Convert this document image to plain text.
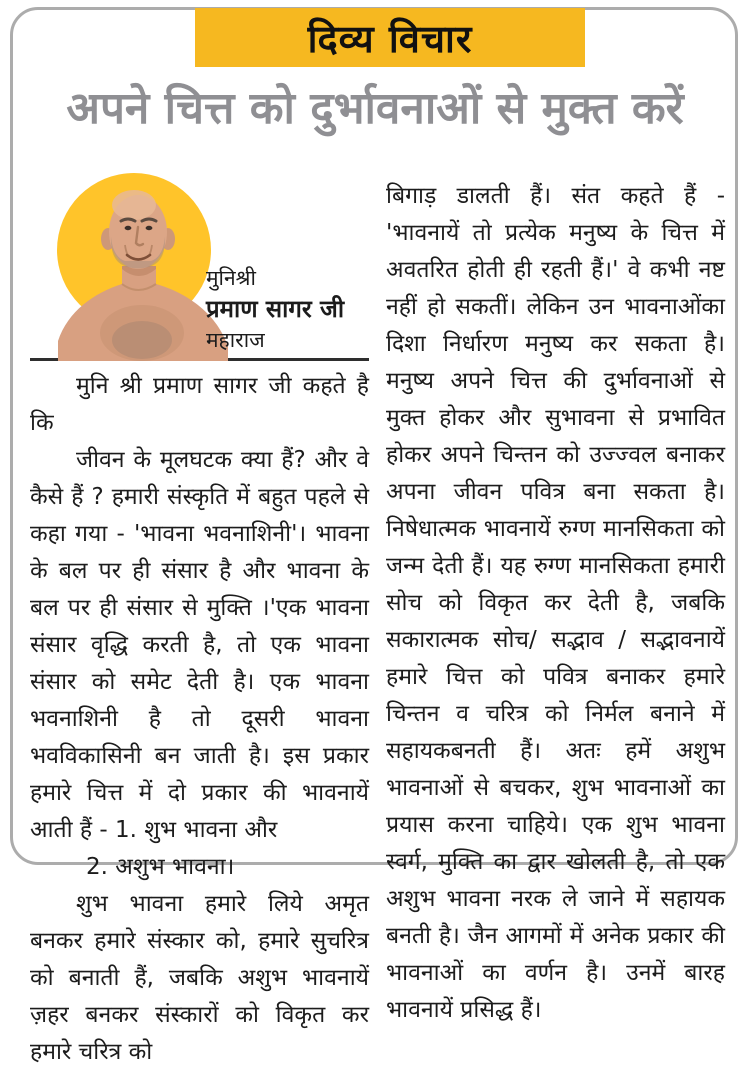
दिव्य विचार
अपने चित्त को दुर्भावनाओं से मुक्त करें
मुनिश्री
प्रमाण सागर जी
महाराज

मुनि श्री प्रमाण सागर जी कहते है कि

जीवन के मूलघटक क्या हैं? और वे कैसे हैं ? हमारी संस्कृति में बहुत पहले से कहा गया - 'भावना भवनाशिनी'। भावना के बल पर ही संसार है और भावना के बल पर ही संसार से मुक्ति ।'एक भावना संसार वृद्धि करती है, तो एक भावना संसार को समेट देती है। एक भावना भवनाशिनी है तो दूसरी भावना भवविकासिनी बन जाती है। इस प्रकार हमारे चित्त में दो प्रकार की भावनायें आती हैं - 1. शुभ भावना और

2. अशुभ भावना।

शुभ भावना हमारे लिये अमृत बनकर हमारे संस्कार को, हमारे सुचरित्र को बनाती हैं, जबकि अशुभ भावनायें ज़हर बनकर संस्कारों को विकृत कर हमारे चरित्र को

बिगाड़ डालती हैं। संत कहते हैं - 'भावनायें तो प्रत्येक मनुष्य के चित्त में अवतरित होती ही रहती हैं।' वे कभी नष्ट नहीं हो सकतीं। लेकिन उन भावनाओंका दिशा निर्धारण मनुष्य कर सकता है। मनुष्य अपने चित्त की दुर्भावनाओं से मुक्त होकर और सुभावना से प्रभावित होकर अपने चिन्तन को उज्ज्वल बनाकर अपना जीवन पवित्र बना सकता है। निषेधात्मक भावनायें रुग्ण मानसिकता को जन्म देती हैं। यह रुग्ण मानसिकता हमारी सोच को विकृत कर देती है, जबकि सकारात्मक सोच/ सद्भाव / सद्भावनायें हमारे चित्त को पवित्र बनाकर हमारे चिन्तन व चरित्र को निर्मल बनाने में सहायकबनती हैं। अतः हमें अशुभ भावनाओं से बचकर, शुभ भावनाओं का प्रयास करना चाहिये। एक शुभ भावना स्वर्ग, मुक्ति का द्वार खोलती है, तो एक अशुभ भावना नरक ले जाने में सहायक बनती है। जैन आगमों में अनेक प्रकार की भावनाओं का वर्णन है। उनमें बारह भावनायें प्रसिद्ध हैं।
